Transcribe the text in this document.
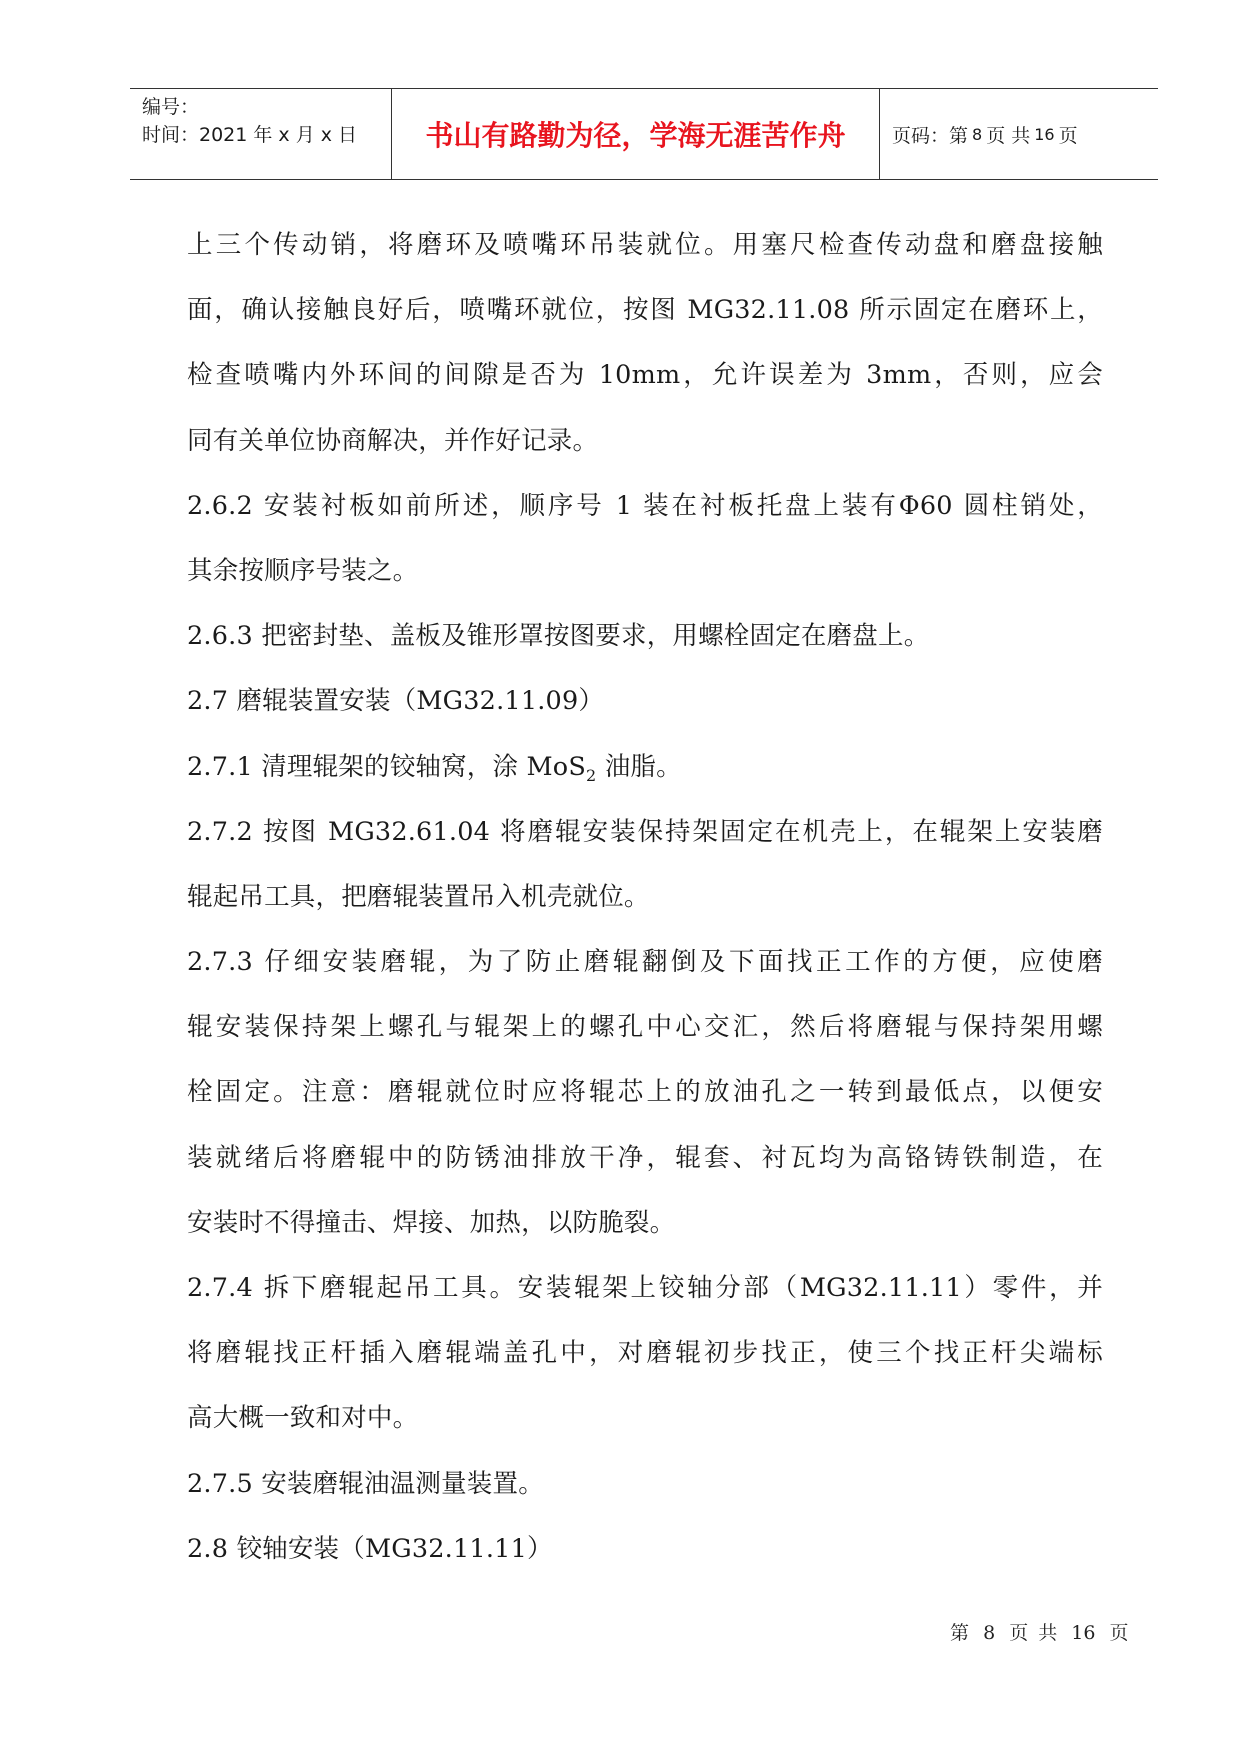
编号：
时间：2021 年 x 月 x 日	书山有路勤为径，学海无涯苦作舟	页码：第 8 页 共 16 页
上三个传动销，将磨环及喷嘴环吊装就位。用塞尺检查传动盘和磨盘接触
面，确认接触良好后，喷嘴环就位，按图 MG32.11.08 所示固定在磨环上，
检查喷嘴内外环间的间隙是否为 10mm，允许误差为 3mm，否则，应会
同有关单位协商解决，并作好记录。
2.6.2 安装衬板如前所述，顺序号 1 装在衬板托盘上装有Φ60 圆柱销处，
其余按顺序号装之。
2.6.3 把密封垫、盖板及锥形罩按图要求，用螺栓固定在磨盘上。
2.7 磨辊装置安装（MG32.11.09）
2.7.1 清理辊架的铰轴窝，涂 MoS$_2$ 油脂。
2.7.2 按图 MG32.61.04 将磨辊安装保持架固定在机壳上，在辊架上安装磨
辊起吊工具，把磨辊装置吊入机壳就位。
2.7.3 仔细安装磨辊，为了防止磨辊翻倒及下面找正工作的方便，应使磨
辊安装保持架上螺孔与辊架上的螺孔中心交汇，然后将磨辊与保持架用螺
栓固定。注意：磨辊就位时应将辊芯上的放油孔之一转到最低点，以便安
装就绪后将磨辊中的防锈油排放干净，辊套、衬瓦均为高铬铸铁制造，在
安装时不得撞击、焊接、加热，以防脆裂。
2.7.4 拆下磨辊起吊工具。安装辊架上铰轴分部（MG32.11.11）零件，并
将磨辊找正杆插入磨辊端盖孔中，对磨辊初步找正，使三个找正杆尖端标
高大概一致和对中。
2.7.5 安装磨辊油温测量装置。
2.8 铰轴安装（MG32.11.11）
第 8 页 共 16 页
